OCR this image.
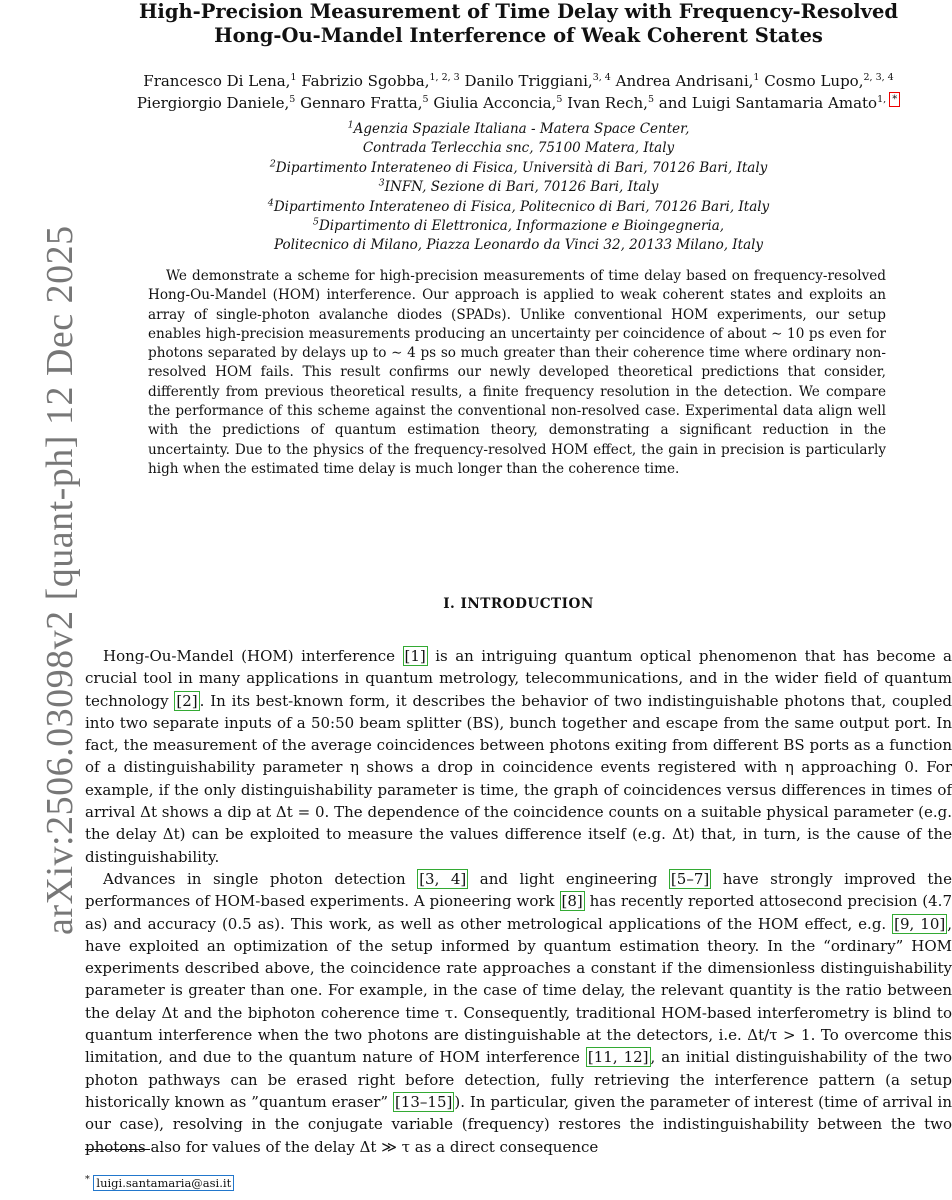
arXiv:2506.03098v2 [quant-ph] 12 Dec 2025
High-Precision Measurement of Time Delay with Frequency-Resolved
Hong-Ou-Mandel Interference of Weak Coherent States
Francesco Di Lena,$^1$ Fabrizio Sgobba,$^{1, 2, 3}$ Danilo Triggiani,$^{3, 4}$ Andrea Andrisani,$^1$ Cosmo Lupo,$^{2, 3, 4}$
Piergiorgio Daniele,$^5$ Gennaro Fratta,$^5$ Giulia Acconcia,$^5$ Ivan Rech,$^5$ and Luigi Santamaria Amato$^{1,}$ *
$^1$Agenzia Spaziale Italiana - Matera Space Center,
Contrada Terlecchia snc, 75100 Matera, Italy
$^2$Dipartimento Interateneo di Fisica, Università di Bari, 70126 Bari, Italy
$^3$INFN, Sezione di Bari, 70126 Bari, Italy
$^4$Dipartimento Interateneo di Fisica, Politecnico di Bari, 70126 Bari, Italy
$^5$Dipartimento di Elettronica, Informazione e Bioingegneria,
Politecnico di Milano, Piazza Leonardo da Vinci 32, 20133 Milano, Italy

We demonstrate a scheme for high-precision measurements of time delay based on frequency-resolved Hong-Ou-Mandel (HOM) interference. Our approach is applied to weak coherent states and exploits an array of single-photon avalanche diodes (SPADs). Unlike conventional HOM experiments, our setup enables high-precision measurements producing an uncertainty per coincidence of about ∼ 10 ps even for photons separated by delays up to ∼ 4 ps so much greater than their coherence time where ordinary non-resolved HOM fails. This result confirms our newly developed theoretical predictions that consider, differently from previous theoretical results, a finite frequency resolution in the detection. We compare the performance of this scheme against the conventional non-resolved case. Experimental data align well with the predictions of quantum estimation theory, demonstrating a significant reduction in the uncertainty. Due to the physics of the frequency-resolved HOM effect, the gain in precision is particularly high when the estimated time delay is much longer than the coherence time.

I. INTRODUCTION

Hong-Ou-Mandel (HOM) interference [1] is an intriguing quantum optical phenomenon that has become a crucial tool in many applications in quantum metrology, telecommunications, and in the wider field of quantum technology [2] . In its best-known form, it describes the behavior of two indistinguishable photons that, coupled into two separate inputs of a 50:50 beam splitter (BS), bunch together and escape from the same output port. In fact, the measurement of the average coincidences between photons exiting from different BS ports as a function of a distinguishability parameter η shows a drop in coincidence events registered with η approaching 0. For example, if the only distinguishability parameter is time, the graph of coincidences versus differences in times of arrival Δt shows a dip at Δt = 0. The dependence of the coincidence counts on a suitable physical parameter (e.g. the delay Δt) can be exploited to measure the values difference itself (e.g. Δt) that, in turn, is the cause of the distinguishability.

Advances in single photon detection [3, 4] and light engineering [5–7] have strongly improved the performances of HOM-based experiments. A pioneering work [8] has recently reported attosecond precision (4.7 as) and accuracy (0.5 as). This work, as well as other metrological applications of the HOM effect, e.g. [9, 10] , have exploited an optimization of the setup informed by quantum estimation theory. In the “ordinary” HOM experiments described above, the coincidence rate approaches a constant if the dimensionless distinguishability parameter is greater than one. For example, in the case of time delay, the relevant quantity is the ratio between the delay Δt and the biphoton coherence time τ. Consequently, traditional HOM-based interferometry is blind to quantum interference when the two photons are distinguishable at the detectors, i.e. Δt/τ > 1. To overcome this limitation, and due to the quantum nature of HOM interference [11, 12] , an initial distinguishability of the two photon pathways can be erased right before detection, fully retrieving the interference pattern (a setup historically known as ”quantum eraser” [13–15] ). In particular, given the parameter of interest (time of arrival in our case), resolving in the conjugate variable (frequency) restores the indistinguishability between the two photons also for values of the delay Δt ≫ τ as a direct consequence

* luigi.santamaria@asi.it
